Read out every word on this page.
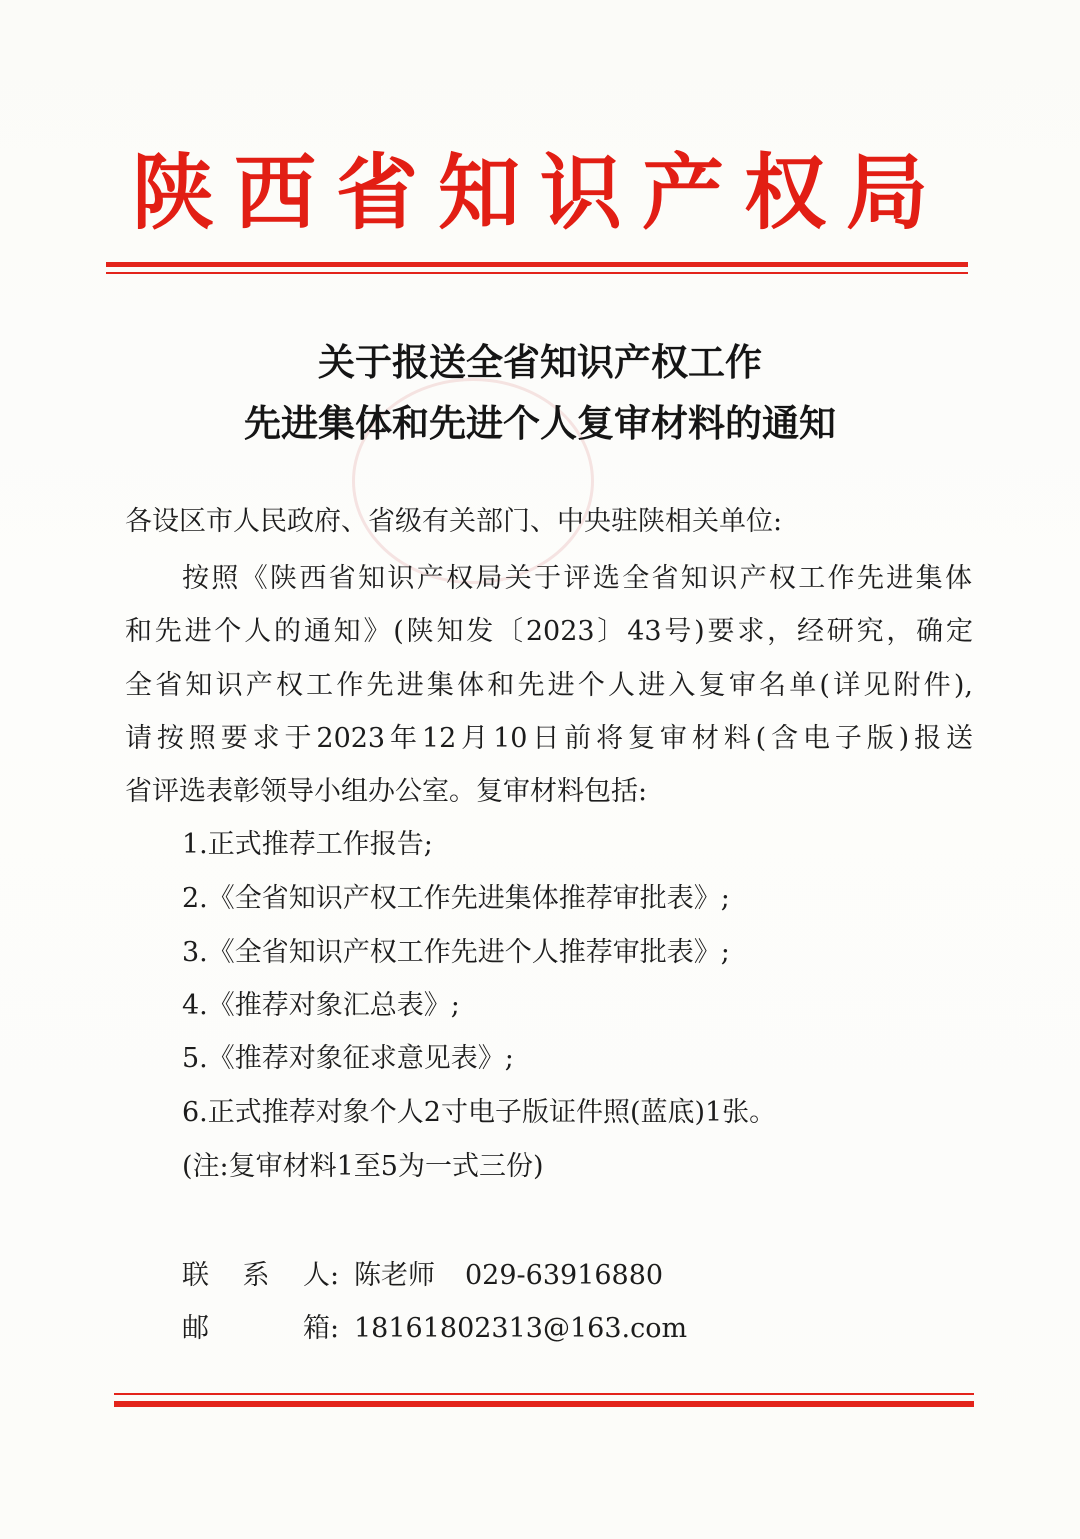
陕西省知识产权局
关于报送全省知识产权工作
先进集体和先进个人复审材料的通知
各设区市人民政府、省级有关部门、中央驻陕相关单位:
按照《陕西省知识产权局关于评选全省知识产权工作先进集体
和先进个人的通知》(陕知发〔2023〕43号)要求，经研究，确定
全省知识产权工作先进集体和先进个人进入复审名单(详见附件),
请按照要求于2023年12月10日前将复审材料(含电子版)报送
省评选表彰领导小组办公室。复审材料包括:
1.正式推荐工作报告;
2.《全省知识产权工作先进集体推荐审批表》;
3.《全省知识产权工作先进个人推荐审批表》;
4.《推荐对象汇总表》;
5.《推荐对象征求意见表》;
6.正式推荐对象个人2寸电子版证件照(蓝底)1张。
(注:复审材料1至5为一式三份)
联系人: 陈老师 029-63916880
邮箱: 18161802313@163.com
